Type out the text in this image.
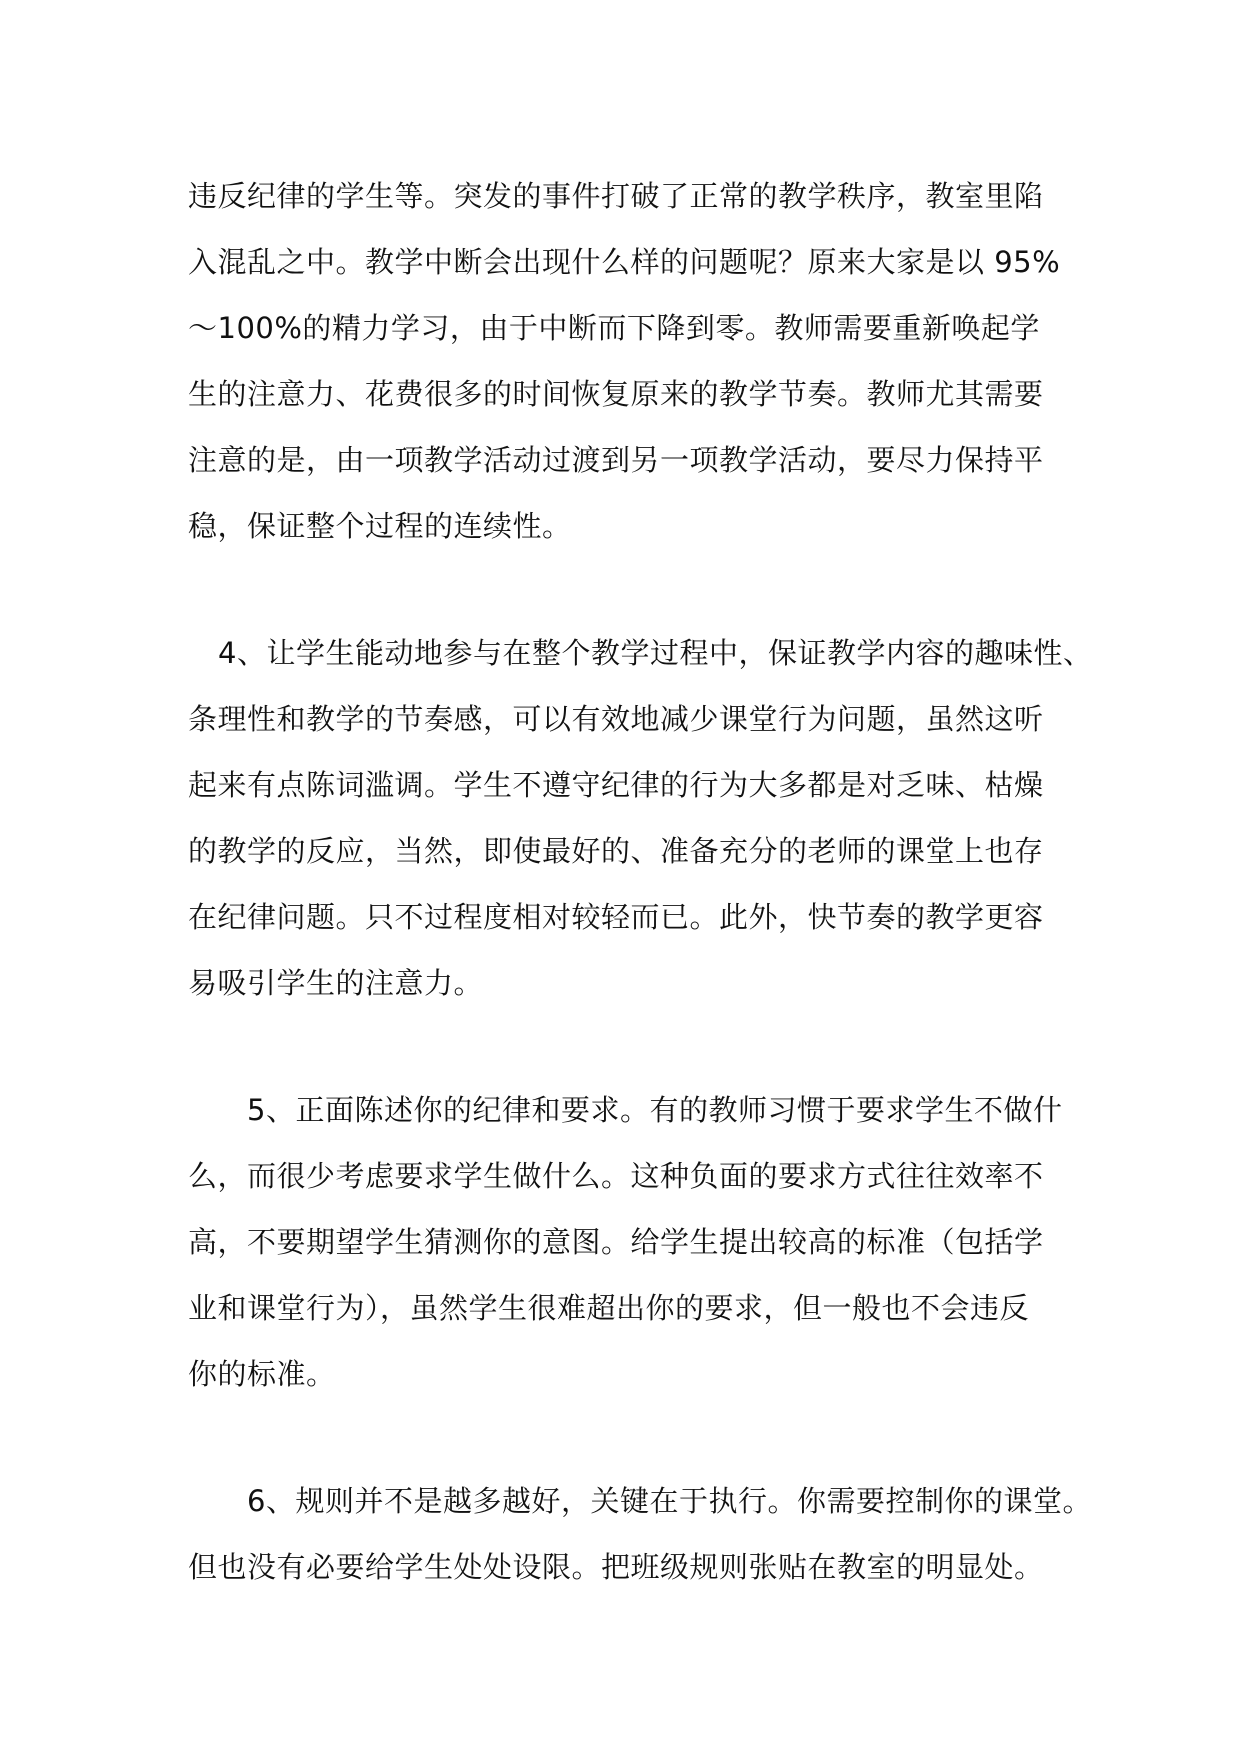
违反纪律的学生等。突发的事件打破了正常的教学秩序，教室里陷
入混乱之中。教学中断会出现什么样的问题呢？原来大家是以 95%
～100%的精力学习，由于中断而下降到零。教师需要重新唤起学
生的注意力、花费很多的时间恢复原来的教学节奏。教师尤其需要
注意的是，由一项教学活动过渡到另一项教学活动，要尽力保持平
稳，保证整个过程的连续性。
4、让学生能动地参与在整个教学过程中，保证教学内容的趣味性、
条理性和教学的节奏感，可以有效地减少课堂行为问题，虽然这听
起来有点陈词滥调。学生不遵守纪律的行为大多都是对乏味、枯燥
的教学的反应，当然，即使最好的、准备充分的老师的课堂上也存
在纪律问题。只不过程度相对较轻而已。此外，快节奏的教学更容
易吸引学生的注意力。
5、正面陈述你的纪律和要求。有的教师习惯于要求学生不做什
么，而很少考虑要求学生做什么。这种负面的要求方式往往效率不
高，不要期望学生猜测你的意图。给学生提出较高的标准（包括学
业和课堂行为），虽然学生很难超出你的要求，但一般也不会违反
你的标准。
6、规则并不是越多越好，关键在于执行。你需要控制你的课堂。
但也没有必要给学生处处设限。把班级规则张贴在教室的明显处。
